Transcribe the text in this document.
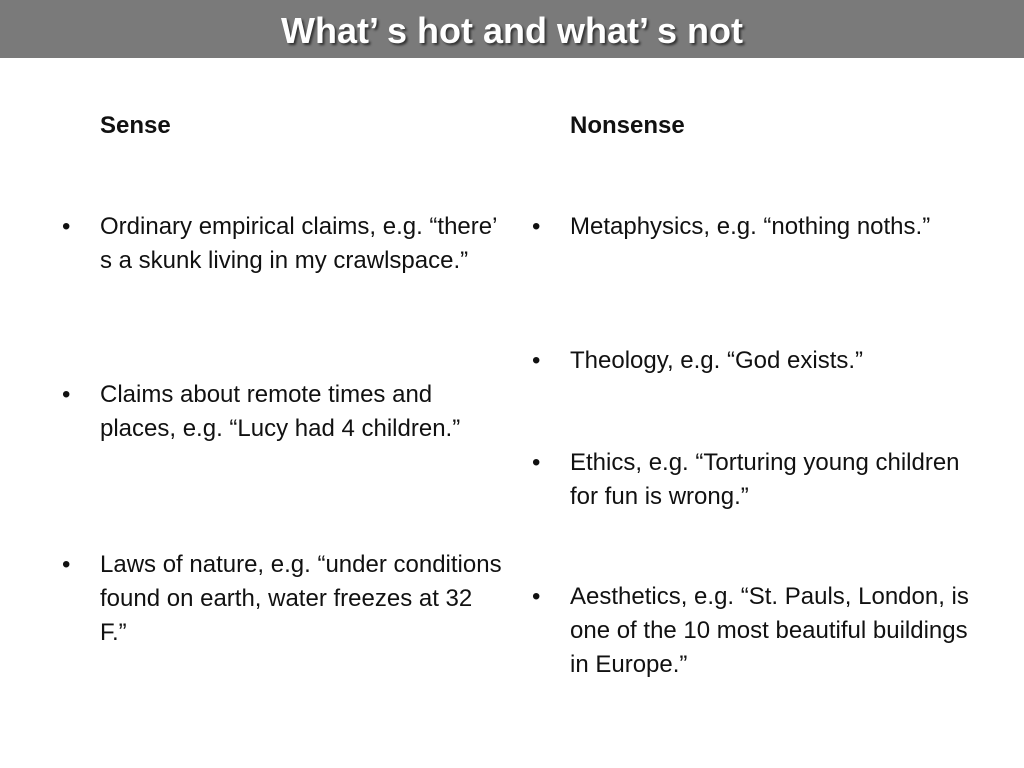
What’ s hot and what’ s not
Sense	Nonsense
• Ordinary empirical claims, e.g. “there’ s a skunk living in my crawlspace.”
• Claims about remote times and places, e.g. “Lucy had 4 children.”
• Laws of nature, e.g. “under conditions found on earth, water freezes at 32 F.”
• Metaphysics, e.g. “nothing noths.”
• Theology, e.g. “God exists.”
• Ethics, e.g. “Torturing young children for fun is wrong.”
• Aesthetics, e.g. “St. Pauls, London, is one of the 10 most beautiful buildings in Europe.”
